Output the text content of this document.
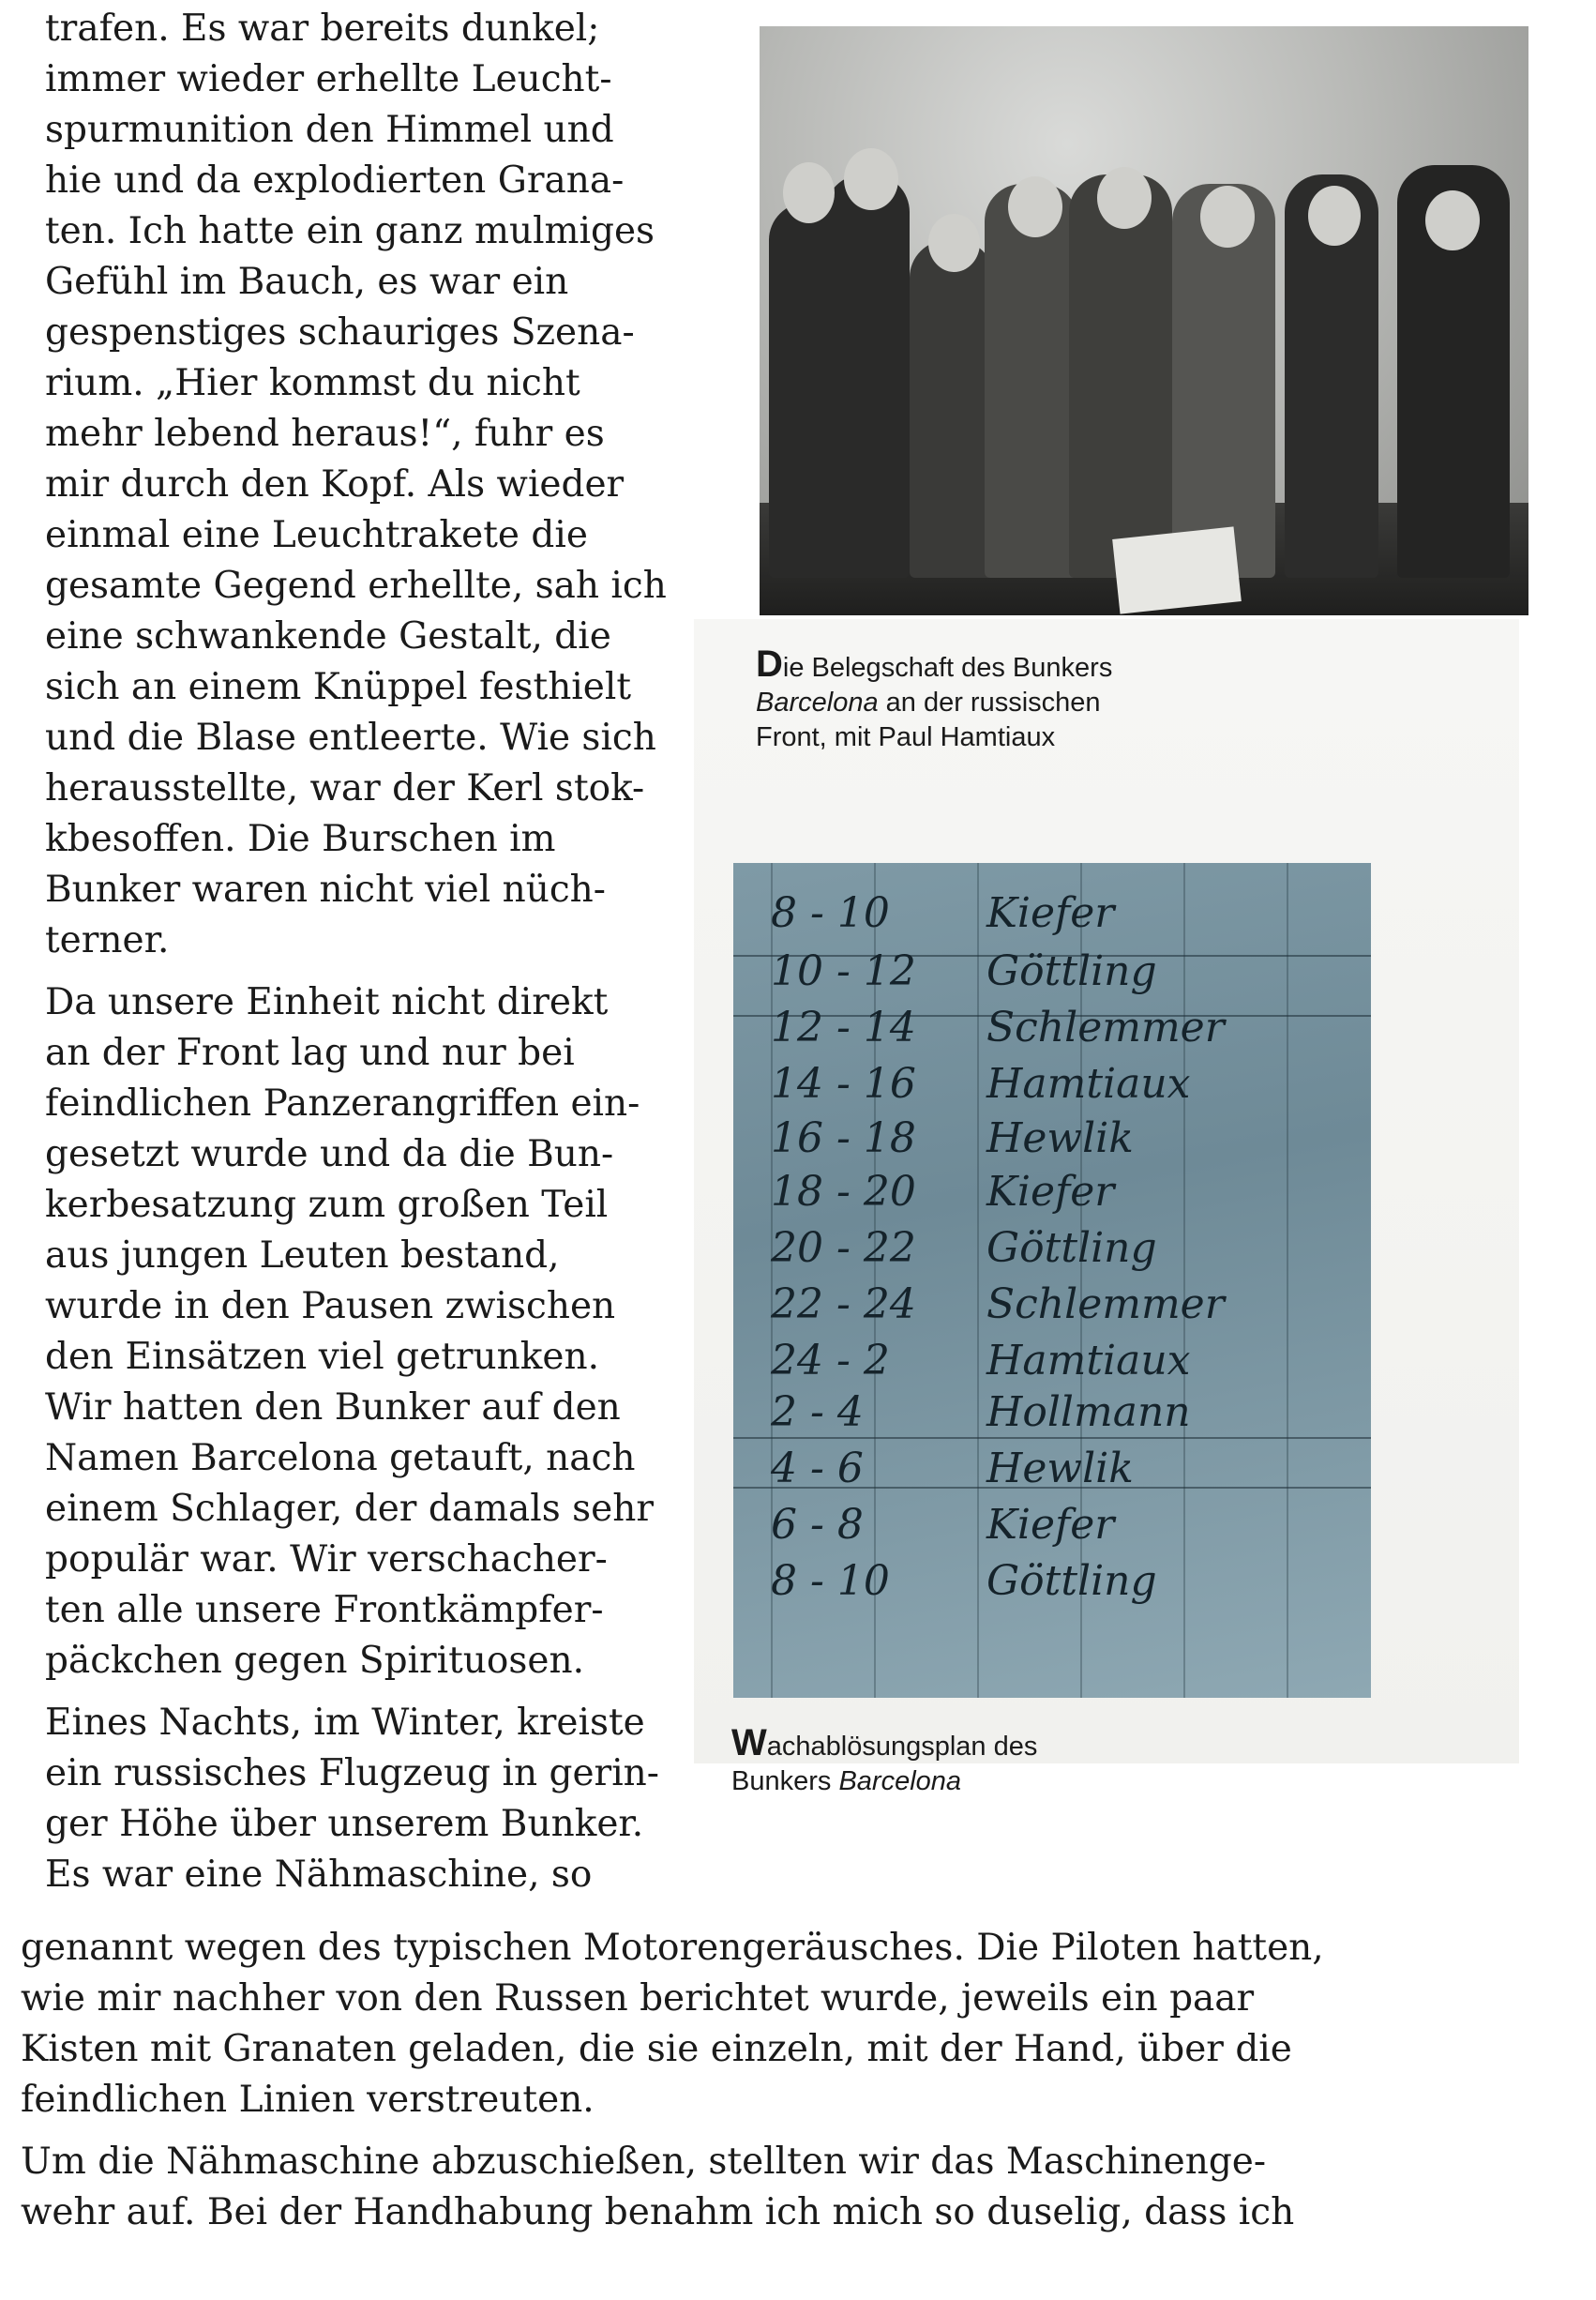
Die Belegschaft des Bunkers
Barcelona an der russischen
Front, mit Paul Hamtiaux
8 - 10 Kiefer
10 - 12 Göttling
12 - 14 Schlemmer
14 - 16 Hamtiaux
16 - 18 Hewlik
18 - 20 Kiefer
20 - 22 Göttling
22 - 24 Schlemmer
24 - 2 Hamtiaux
2 - 4	Hollmann
4 - 6	Hewlik
6 - 8	Kiefer
8 - 10 Göttling
Wachablösungsplan des
Bunkers Barcelona

trafen. Es war bereits dunkel;
immer wieder erhellte Leucht-
spurmunition den Himmel und
hie und da explodierten Grana-
ten. Ich hatte ein ganz mulmiges
Gefühl im Bauch, es war ein
gespenstiges schauriges Szena-
rium. „Hier kommst du nicht
mehr lebend heraus!“, fuhr es
mir durch den Kopf. Als wieder
einmal eine Leuchtrakete die
gesamte Gegend erhellte, sah ich
eine schwankende Gestalt, die
sich an einem Knüppel festhielt
und die Blase entleerte. Wie sich
herausstellte, war der Kerl stok-
kbesoffen. Die Burschen im
Bunker waren nicht viel nüch-
terner.

Da unsere Einheit nicht direkt
an der Front lag und nur bei
feindlichen Panzerangriffen ein-
gesetzt wurde und da die Bun-
kerbesatzung zum großen Teil
aus jungen Leuten bestand,
wurde in den Pausen zwischen
den Einsätzen viel getrunken.
Wir hatten den Bunker auf den
Namen Barcelona getauft, nach
einem Schlager, der damals sehr
populär war. Wir verschacher-
ten alle unsere Frontkämpfer-
päckchen gegen Spirituosen.

Eines Nachts, im Winter, kreiste
ein russisches Flugzeug in gerin-
ger Höhe über unserem Bunker.
Es war eine Nähmaschine, so

genannt wegen des typischen Motorengeräusches. Die Piloten hatten,
wie mir nachher von den Russen berichtet wurde, jeweils ein paar
Kisten mit Granaten geladen, die sie einzeln, mit der Hand, über die
feindlichen Linien verstreuten.

Um die Nähmaschine abzuschießen, stellten wir das Maschinenge-
wehr auf. Bei der Handhabung benahm ich mich so duselig, dass ich
